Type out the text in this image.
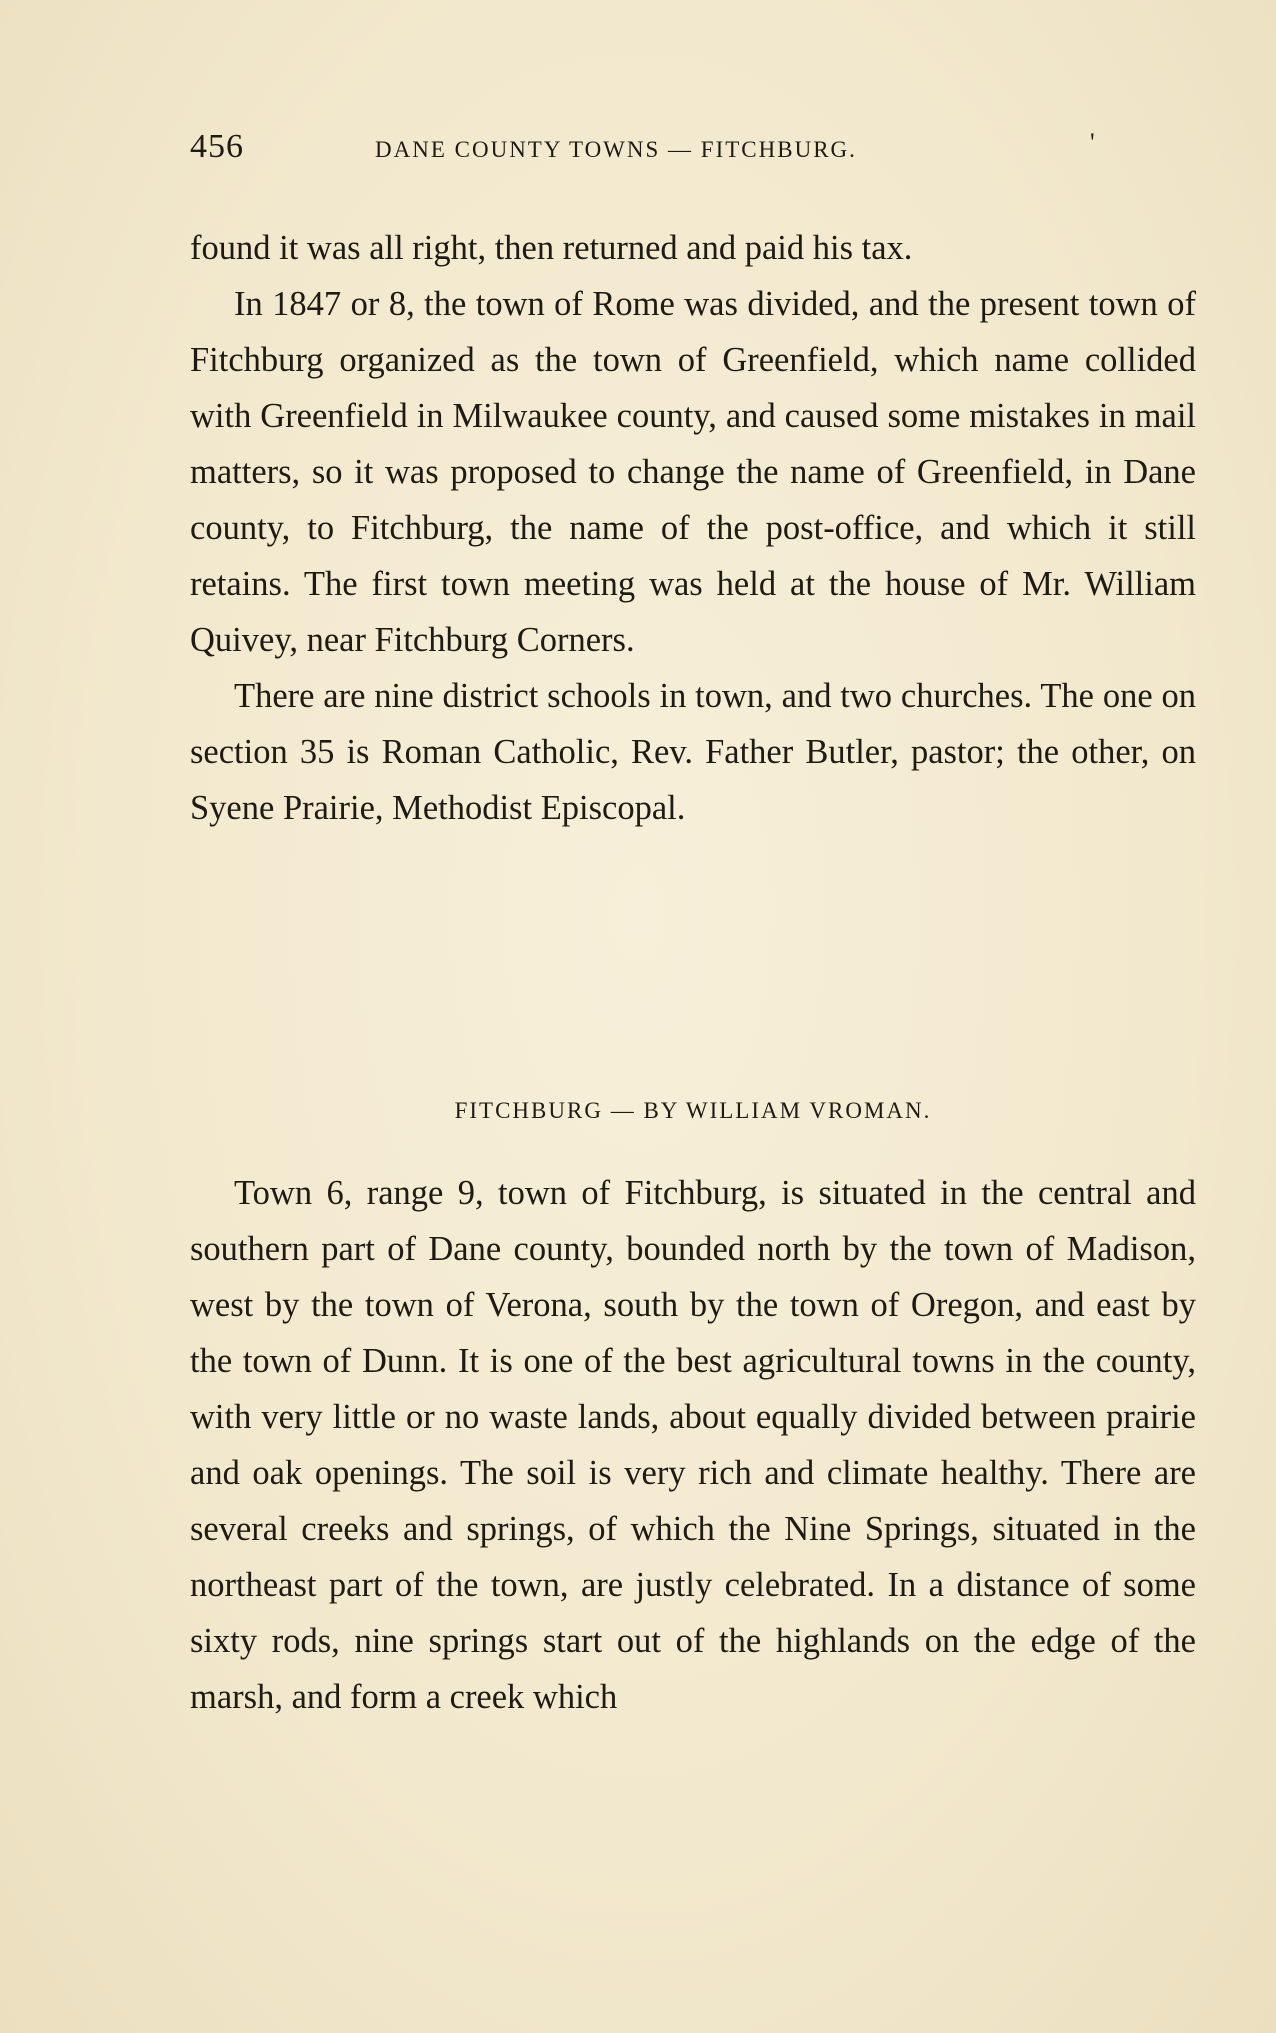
456	DANE COUNTY TOWNS — FITCHBURG.	'

found it was all right, then returned and paid his tax.

In 1847 or 8, the town of Rome was divided, and the present town of Fitchburg organized as the town of Greenfield, which name collided with Greenfield in Milwaukee county, and caused some mistakes in mail matters, so it was proposed to change the name of Greenfield, in Dane county, to Fitchburg, the name of the post-office, and which it still retains. The first town meeting was held at the house of Mr. William Quivey, near Fitchburg Corners.

There are nine district schools in town, and two churches. The one on section 35 is Roman Catholic, Rev. Father Butler, pastor; the other, on Syene Prairie, Methodist Episcopal.

FITCHBURG — BY WILLIAM VROMAN.

Town 6, range 9, town of Fitchburg, is situated in the central and southern part of Dane county, bounded north by the town of Madison, west by the town of Verona, south by the town of Oregon, and east by the town of Dunn. It is one of the best agricultural towns in the county, with very little or no waste lands, about equally divided between prairie and oak openings. The soil is very rich and climate healthy. There are several creeks and springs, of which the Nine Springs, situated in the northeast part of the town, are justly celebrated. In a distance of some sixty rods, nine springs start out of the highlands on the edge of the marsh, and form a creek which
